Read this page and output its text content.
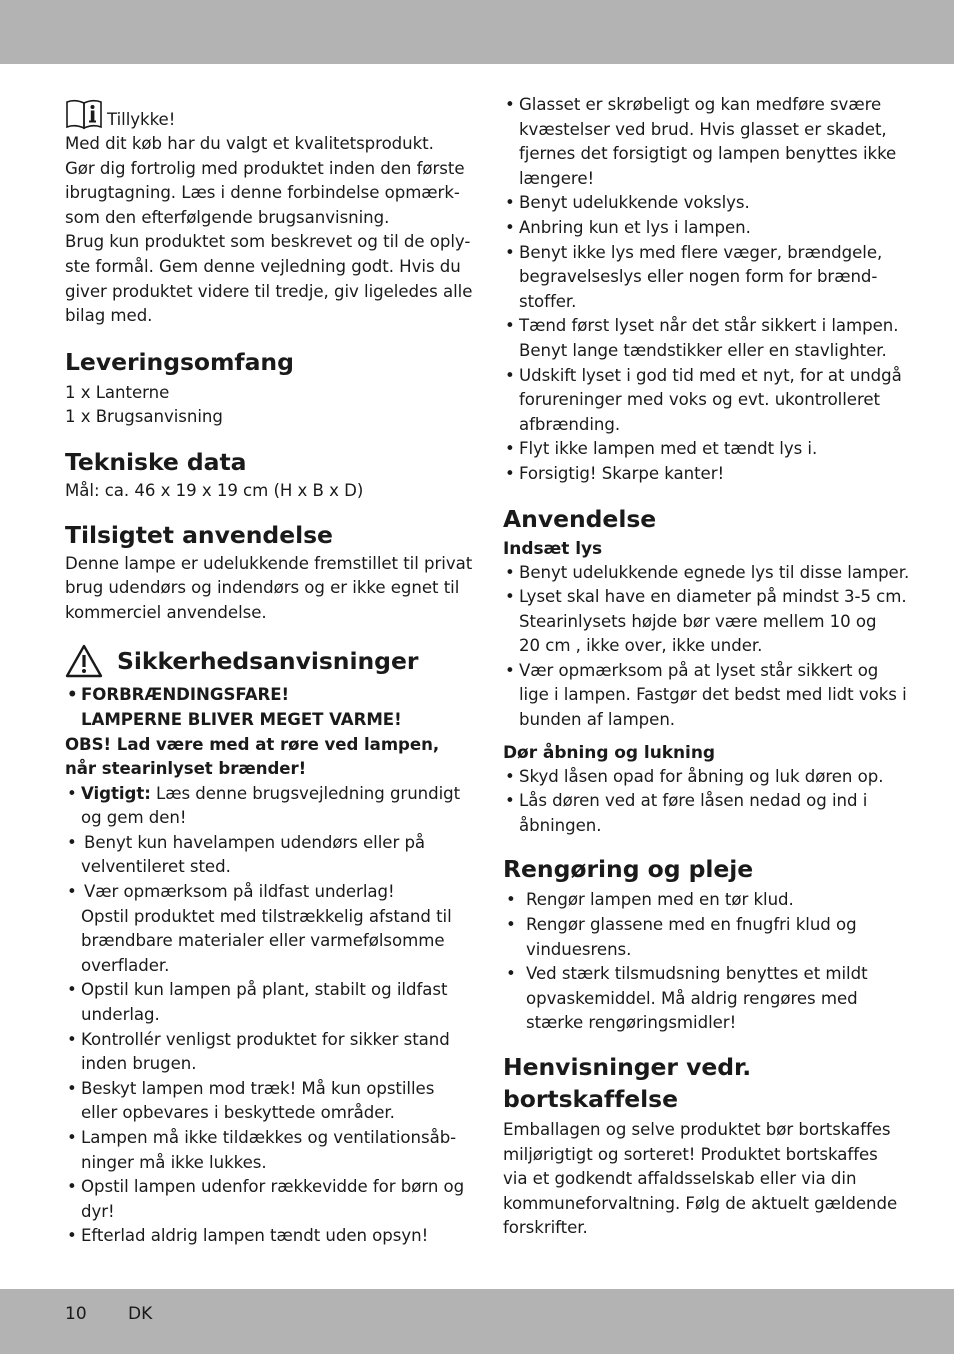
Tillykke!
Med dit køb har du valgt et kvalitetsprodukt.
Gør dig fortrolig med produktet inden den første
ibrugtagning. Læs i denne forbindelse opmærk-
som den efterfølgende brugsanvisning.
Brug kun produktet som beskrevet og til de oply-
ste formål. Gem denne vejledning godt. Hvis du
giver produktet videre til tredje, giv ligeledes alle
bilag med.
Leveringsomfang
1 x Lanterne
1 x Brugsanvisning
Tekniske data
Mål: ca. 46 x 19 x 19 cm (H x B x D)
Tilsigtet anvendelse
Denne lampe er udelukkende fremstillet til privat
brug udendørs og indendørs og er ikke egnet til
kommerciel anvendelse.
Sikkerhedsanvisninger
• FORBRÆNDINGSFARE!
LAMPERNE BLIVER MEGET VARME!
OBS! Lad være med at røre ved lampen,
når stearinlyset brænder!
• Vigtigt: Læs denne brugsvejledning grundigt
og gem den!
• Benyt kun havelampen udendørs eller på
velventileret sted.
• Vær opmærksom på ildfast underlag!
Opstil produktet med tilstrækkelig afstand til
brændbare materialer eller varmefølsomme
overflader.
• Opstil kun lampen på plant, stabilt og ildfast
underlag.
• Kontrollér venligst produktet for sikker stand
inden brugen.
• Beskyt lampen mod træk! Må kun opstilles
eller opbevares i beskyttede områder.
• Lampen må ikke tildækkes og ventilationsåb-
ninger må ikke lukkes.
• Opstil lampen udenfor rækkevidde for børn og
dyr!
• Efterlad aldrig lampen tændt uden opsyn!
• Glasset er skrøbeligt og kan medføre svære
kvæstelser ved brud. Hvis glasset er skadet,
fjernes det forsigtigt og lampen benyttes ikke
længere!
• Benyt udelukkende vokslys.
• Anbring kun et lys i lampen.
• Benyt ikke lys med flere væger, brændgele,
begravelseslys eller nogen form for brænd-
stoffer.
• Tænd først lyset når det står sikkert i lampen.
Benyt lange tændstikker eller en stavlighter.
• Udskift lyset i god tid med et nyt, for at undgå
forureninger med voks og evt. ukontrolleret
afbrænding.
• Flyt ikke lampen med et tændt lys i.
• Forsigtig! Skarpe kanter!
Anvendelse
Indsæt lys
• Benyt udelukkende egnede lys til disse lamper.
• Lyset skal have en diameter på mindst 3-5 cm.
Stearinlysets højde bør være mellem 10 og
20 cm , ikke over, ikke under.
• Vær opmærksom på at lyset står sikkert og
lige i lampen. Fastgør det bedst med lidt voks i
bunden af lampen.
Dør åbning og lukning
• Skyd låsen opad for åbning og luk døren op.
• Lås døren ved at føre låsen nedad og ind i
åbningen.
Rengøring og pleje
• Rengør lampen med en tør klud.
• Rengør glassene med en fnugfri klud og
vinduesrens.
• Ved stærk tilsmudsning benyttes et mildt
opvaskemiddel. Må aldrig rengøres med
stærke rengøringsmidler!
Henvisninger vedr.
bortskaffelse
Emballagen og selve produktet bør bortskaffes
miljørigtigt og sorteret! Produktet bortskaffes
via et godkendt affaldsselskab eller via din
kommuneforvaltning. Følg de aktuelt gældende
forskrifter.
10 DK
